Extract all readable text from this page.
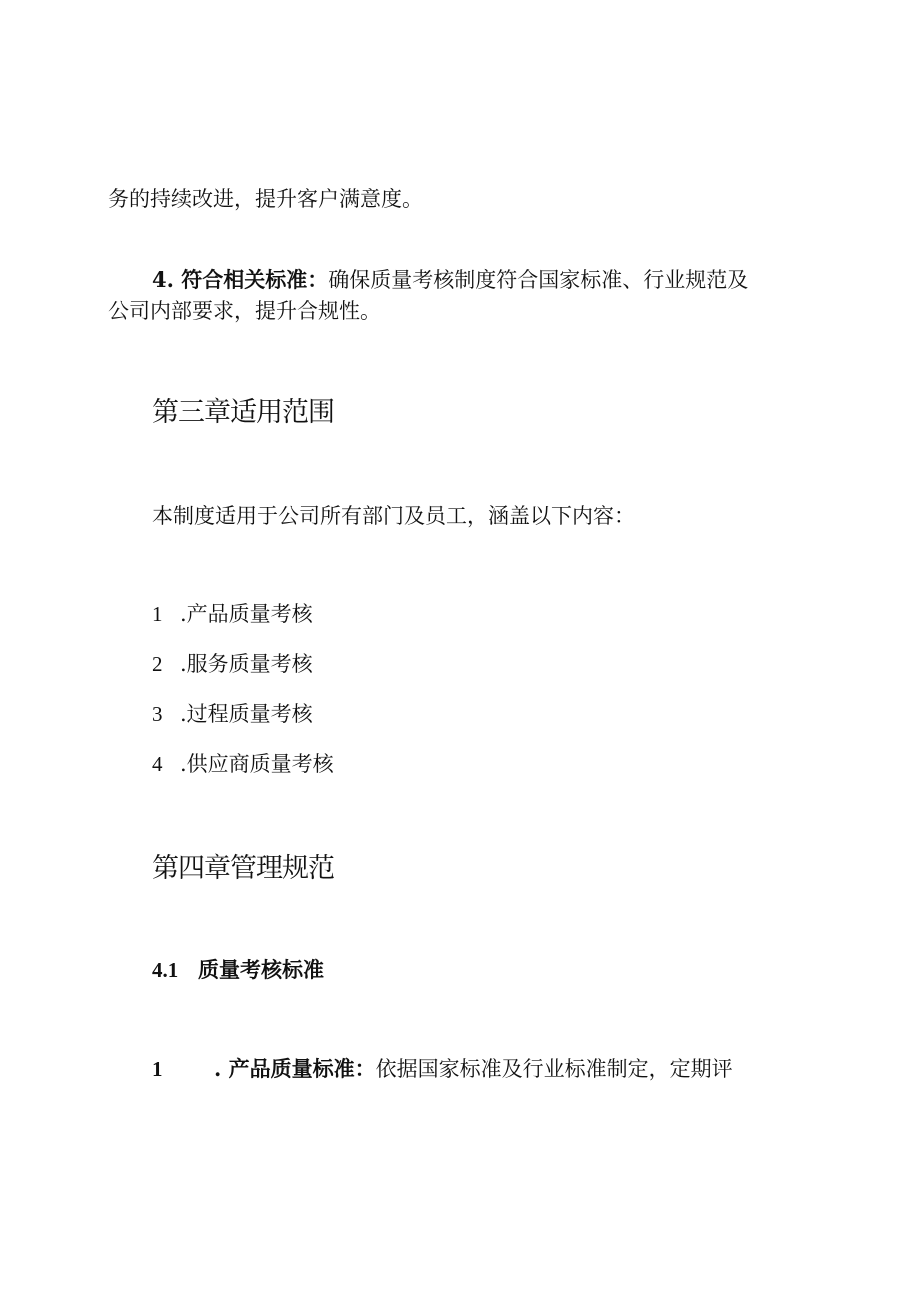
务的持续改进，提升客户满意度。
4. 符合相关标准：确保质量考核制度符合国家标准、行业规范及
公司内部要求，提升合规性。
第三章适用范围
本制度适用于公司所有部门及员工，涵盖以下内容：
1 .产品质量考核
2 .服务质量考核
3 .过程质量考核
4 .供应商质量考核
第四章管理规范
4.1 质量考核标准
1 . 产品质量标准：依据国家标准及行业标准制定，定期评
